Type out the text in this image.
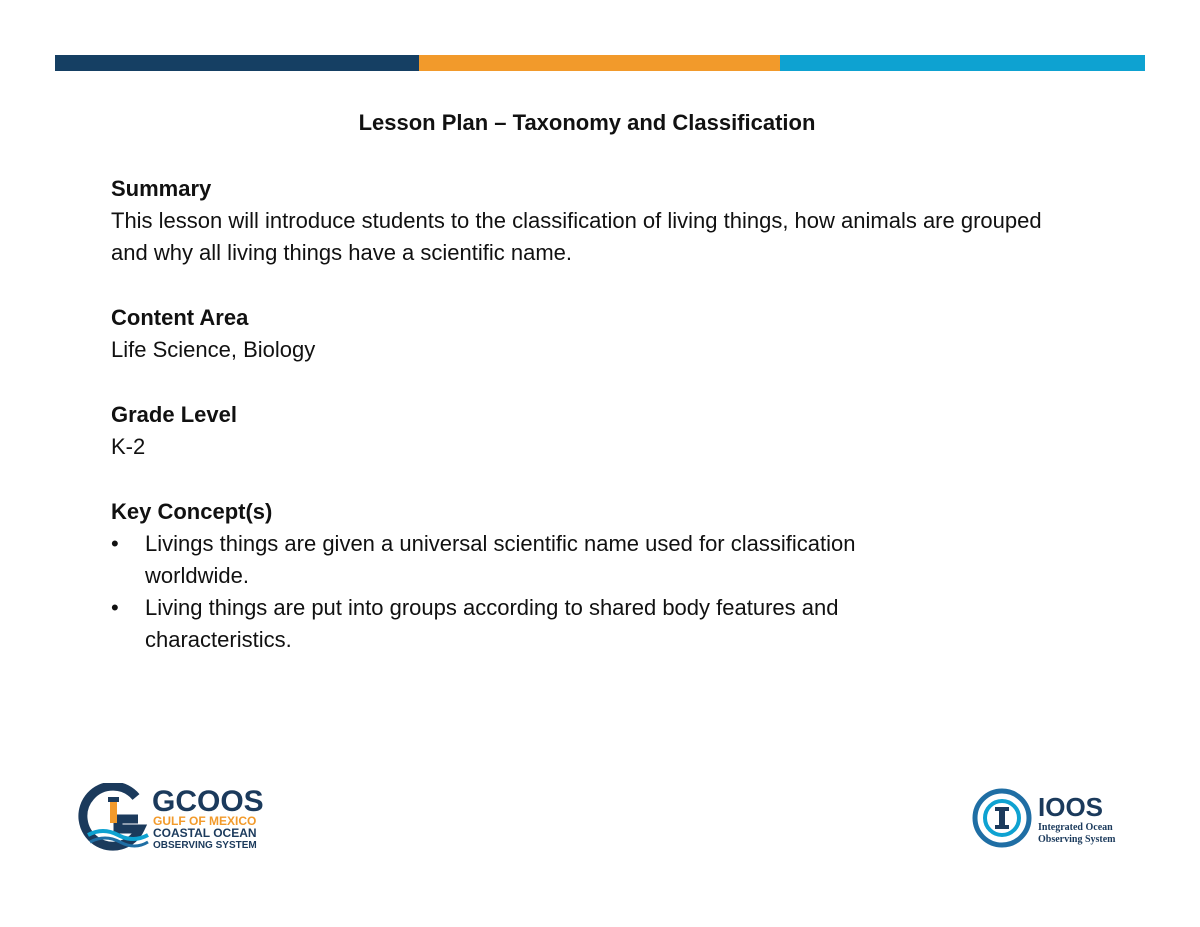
Lesson Plan – Taxonomy and Classification
Summary

This lesson will introduce students to the classification of living things, how animals are grouped and why all living things have a scientific name.

Content Area

Life Science, Biology

Grade Level

K-2

Key Concept(s)
• Livings things are given a universal scientific name used for classification worldwide.
• Living things are put into groups according to shared body features and characteristics.
GCOOS
GULF OF MEXICO
COASTAL OCEAN
OBSERVING SYSTEM
IOOS
Integrated Ocean
Observing System
